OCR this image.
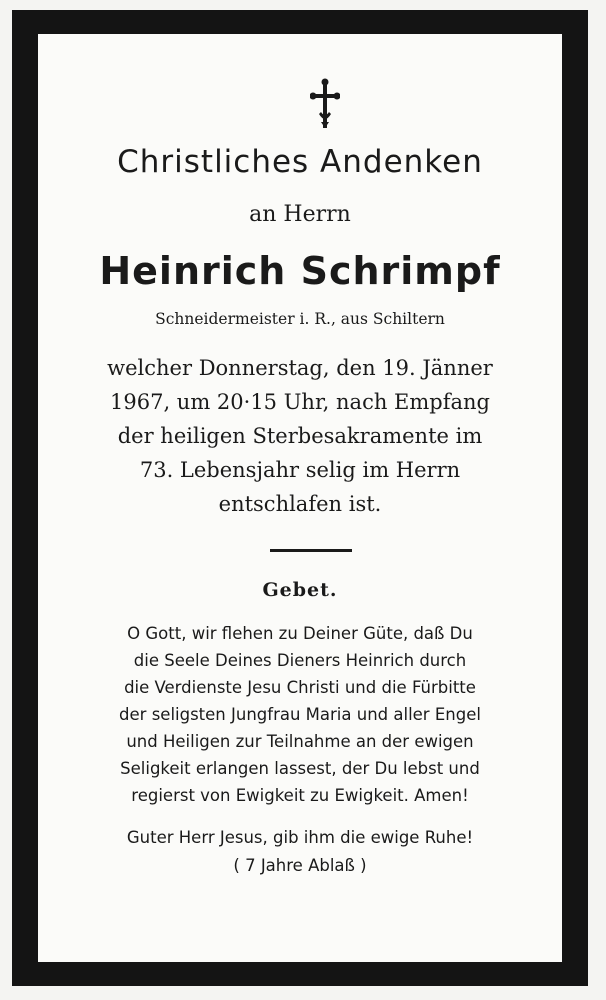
Christliches Andenken
an Herrn
Heinrich Schrimpf
Schneidermeister i. R., aus Schiltern
welcher Donnerstag, den 19. Jänner
1967, um 20·15 Uhr, nach Empfang
der heiligen Sterbesakramente im
73. Lebensjahr selig im Herrn
entschlafen ist.
Gebet.
O Gott, wir flehen zu Deiner Güte, daß Du
die Seele Deines Dieners Heinrich durch
die Verdienste Jesu Christi und die Fürbitte
der seligsten Jungfrau Maria und aller Engel
und Heiligen zur Teilnahme an der ewigen
Seligkeit erlangen lassest, der Du lebst und
regierst von Ewigkeit zu Ewigkeit. Amen!
Guter Herr Jesus, gib ihm die ewige Ruhe!
( 7 Jahre Ablaß )
